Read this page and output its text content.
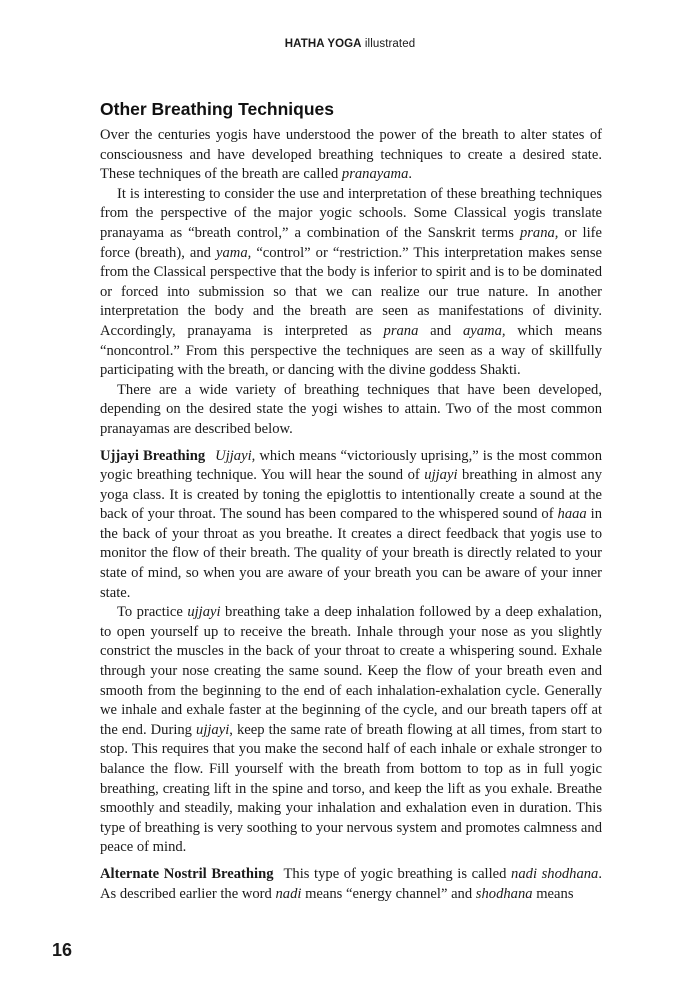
HATHA YOGA illustrated
Other Breathing Techniques

Over the centuries yogis have understood the power of the breath to alter states of consciousness and have developed breathing techniques to create a desired state. These techniques of the breath are called pranayama.

It is interesting to consider the use and interpretation of these breathing techniques from the perspective of the major yogic schools. Some Classical yogis translate pranayama as “breath control,” a combination of the Sanskrit terms prana, or life force (breath), and yama, “control” or “restriction.” This interpretation makes sense from the Classical perspective that the body is inferior to spirit and is to be dominated or forced into submission so that we can realize our true nature. In another interpretation the body and the breath are seen as manifestations of divinity. Accordingly, pranayama is interpreted as prana and ayama, which means “noncontrol.” From this perspective the techniques are seen as a way of skillfully participating with the breath, or dancing with the divine goddess Shakti.

There are a wide variety of breathing techniques that have been developed, depending on the desired state the yogi wishes to attain. Two of the most common pranayamas are described below.

Ujjayi Breathing Ujjayi, which means “victoriously uprising,” is the most common yogic breathing technique. You will hear the sound of ujjayi breathing in almost any yoga class. It is created by toning the epiglottis to intentionally create a sound at the back of your throat. The sound has been compared to the whispered sound of haaa in the back of your throat as you breathe. It creates a direct feedback that yogis use to monitor the flow of their breath. The quality of your breath is directly related to your state of mind, so when you are aware of your breath you can be aware of your inner state.

To practice ujjayi breathing take a deep inhalation followed by a deep exhalation, to open yourself up to receive the breath. Inhale through your nose as you slightly constrict the muscles in the back of your throat to create a whispering sound. Exhale through your nose creating the same sound. Keep the flow of your breath even and smooth from the beginning to the end of each inhalation-exhalation cycle. Generally we inhale and exhale faster at the beginning of the cycle, and our breath tapers off at the end. During ujjayi, keep the same rate of breath flowing at all times, from start to stop. This requires that you make the second half of each inhale or exhale stronger to balance the flow. Fill yourself with the breath from bottom to top as in full yogic breathing, creating lift in the spine and torso, and keep the lift as you exhale. Breathe smoothly and steadily, making your inhalation and exhalation even in duration. This type of breathing is very soothing to your nervous system and promotes calmness and peace of mind.

Alternate Nostril Breathing This type of yogic breathing is called nadi shodhana. As described earlier the word nadi means “energy channel” and shodhana means

16
